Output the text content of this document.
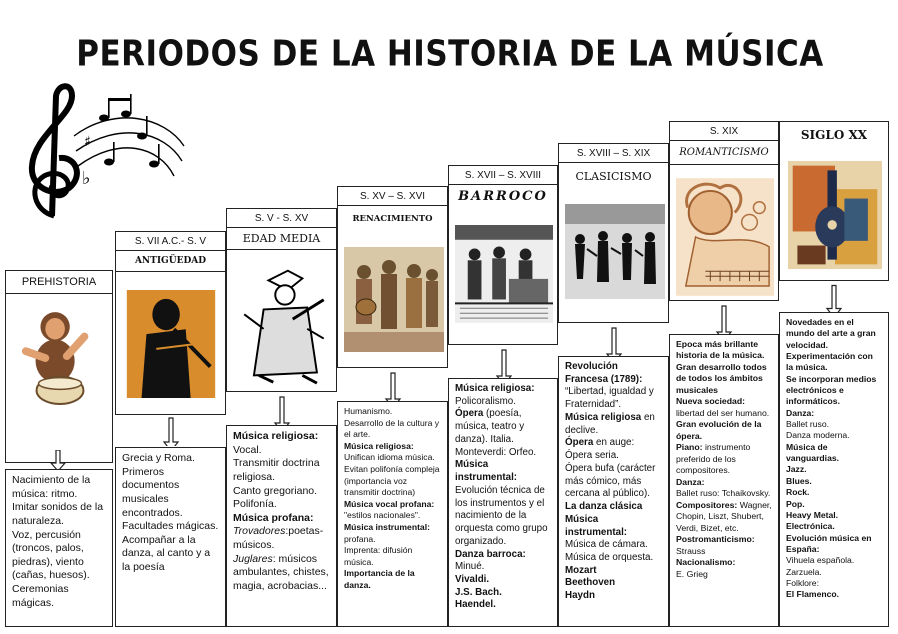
PERIODOS DE LA HISTORIA DE LA MÚSICA
♭
♯
PREHISTORIA

Nacimiento de la música: ritmo.

Imitar sonidos de la naturaleza.

Voz, percusión (troncos, palos, piedras), viento (cañas, huesos).

Ceremonias mágicas.

S. VII A.C.- S. V
ANTIGÜEDAD

Grecia y Roma.

Primeros documentos musicales encontrados.

Facultades mágicas.

Acompañar a la danza, al canto y a la poesía

S. V - S. XV
EDAD MEDIA

Música religiosa:

Vocal.

Transmitir doctrina religiosa.

Canto gregoriano.

Polifonía.

Música profana:

Trovadores:poetas-músicos.

Juglares: músicos ambulantes, chistes, magia, acrobacias...

S. XV – S. XVI
RENACIMIENTO

Humanismo.

Desarrollo de la cultura y el arte.

Música religiosa:

Unifican idioma música. Evitan polifonía compleja (importancia voz transmitir doctrina)

Música vocal profana:

"estilos nacionales".

Música instrumental:

profana.

Imprenta: difusión música.

Importancia de la danza.

S. XVII – S. XVIII
BARROCO

Música religiosa:

Policoralismo.

Ópera (poesía, música, teatro y danza). Italia. Monteverdi: Orfeo.

Música instrumental:

Evolución técnica de los instrumentos y el nacimiento de la orquesta como grupo organizado.

Danza barroca:

Minué.

Vivaldi.

J.S. Bach.

Haendel.

S. XVIII – S. XIX
CLASICISMO

Revolución Francesa (1789): “Libertad, igualdad y Fraternidad”.

Música religiosa en declive.

Ópera en auge:

Ópera seria.

Ópera bufa (carácter más cómico, más cercana al público).

La danza clásica

Música instrumental:

Música de cámara.

Música de orquesta.

Mozart

Beethoven

Haydn

S. XIX
ROMANTICISMO

Epoca más brillante historia de la música.

Gran desarrollo todos de todos los ámbitos musicales

Nueva sociedad:

libertad del ser humano.

Gran evolución de la ópera.

Piano: instrumento preferido de los compositores.

Danza:

Ballet ruso: Tchaikovsky.

Compositores: Wagner, Chopin, Liszt, Shubert, Verdi, Bizet, etc.

Postromanticismo: Strauss

Nacionalismo:

E. Grieg

SIGLO XX

Novedades en el mundo del arte a gran velocidad.

Experimentación con la música.

Se incorporan medios electrónicos e informáticos.

Danza:

Ballet ruso.

Danza moderna.

Música de vanguardias.

Jazz.

Blues.

Rock.

Pop.

Heavy Metal.

Electrónica.

Evolución música en España:

Vihuela española.

Zarzuela.

Folklore:

El Flamenco.
